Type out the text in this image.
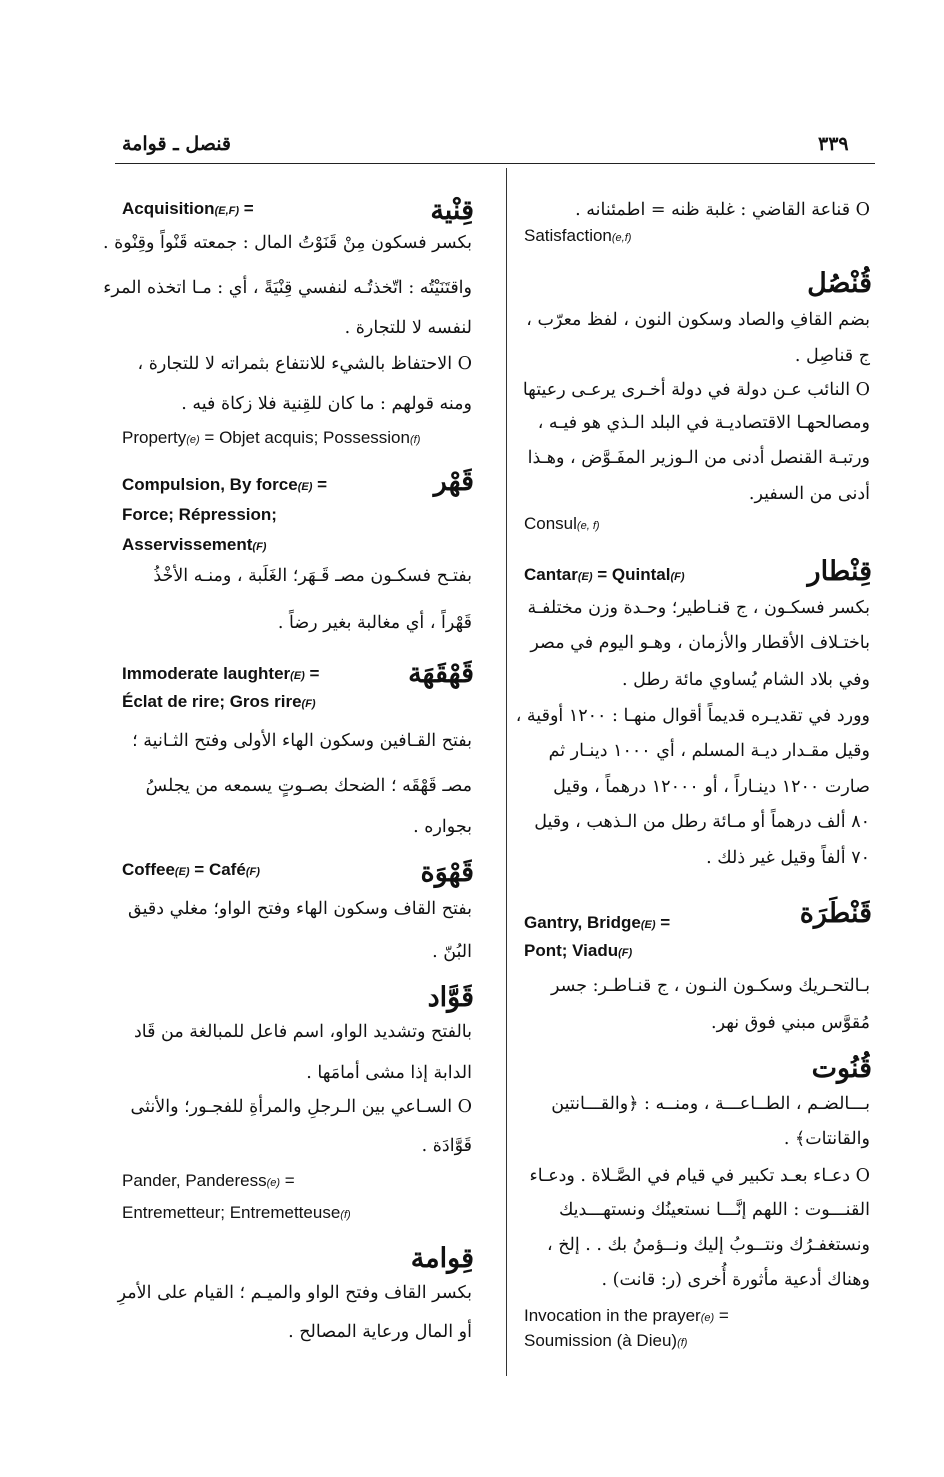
٣٣٩
قنصل ـ قوامة
O قناعة القاضي : غلبة ظنه = اطمئنانه .
Satisfaction(e,f)
قُنْصُل
بضم القافِ والصاد وسكون النون ، لفظ معرّب ،
ج قناصِل .
O النائب عـن دولة في دولة أخـرى يرعـى رعيتها
ومصالحهـا الاقتصاديـة في البلد الـذي هو فيـه ،
ورتبـة القنصل أدنى من الـوزير المفَـوَّض ، وهـذا
أدنى من السفير.
Consul(e, f)
قِنْطار
Cantar(E) = Quintal(F)
بكسر فسكـون ، ج قنـاطير؛ وحـدة وزن مختلفـة
باختـلاف الأقطار والأزمان ، وهـو اليوم في مصر
وفي بلاد الشام يُساوي مائة رطل .
وورد في تقديـره قديماً أقوال منهـا : ١٢٠٠ أوقية ،
وقيل مقـدار ديـة المسلم ، أي ١٠٠٠ دينـار ثم
صارت ١٢٠٠ دينـاراً ، أو ١٢٠٠٠ درهماً ، وقيل
٨٠ ألف درهماً أو مـائة رطل من الـذهب ، وقيل
٧٠ ألفاً وقيل غير ذلك .
قَنْطَرَة
Gantry, Bridge(E) =
Pont; Viadu(F)
بـالتحـريك وسكـون النـون ، ج قنـاطـر: جسر
مُقوَّس مبني فوق نهر.
قُنُوت
بـــالضـم ، الطــاعـــة ، ومنــه : ﴿والقـــانتين
والقانتات﴾ .
O دعـاء بعـد تكبير في قيام في الصَّـلاة . ودعـاء
القنـــوت : اللهم إنَّـــا نستعينُك ونستهـــديك
ونستغفـرُك ونتــوبُ إليك ونــؤمنُ بك . . إلخ ،
وهناك أدعية مأثورة أُخرى (ر: قانت) .
Invocation in the prayer(e) =
Soumission (à Dieu)(f)
قِنْية
Acquisition(E,F) =
بكسر فسكون مِنْ قَنَوْتُ المال : جمعته قَنْواً وقِنْوة .
واقتَنَيْتُه : اتّخذتُـه لنفسي قِنْيَةً ، أي : مـا اتخذه المرء
لنفسه لا للتجارة .
O الاحتفاظ بالشيء للانتفاع بثمراته لا للتجارة ،
ومنه قولهم : ما كان للقِنية فلا زكاة فيه .
Property(e) = Objet acquis; Possession(f)
قَهْر
Compulsion, By force(E) =
Force; Répression;
Asservissement(F)
بفتـح فسكـون مصـ قَـهَر؛ الغَلَبة ، ومنـه الأخْذُ
قَهْراً ، أي مغالبة بغير رضاً .
قَهْقَهَة
Immoderate laughter(E) =
Éclat de rire; Gros rire(F)
بفتح القـافين وسكون الهاء الأولى وفتح الثـانية ؛
مصـ قَهْقَه ؛ الضحك بصـوتٍ يسمعه من يجلسُ
بجواره .
قَهْوَة
Coffee(E) = Café(F)
بفتح القاف وسكون الهاء وفتح الواو؛ مغلي دقيق
البُنّ .
قَوَّاد
بالفتح وتشديد الواو، اسم فاعل للمبالغة من قَاد
الدابة إذا مشى أمامَها .
O السـاعي بين الـرجلِ والمرأةِ للفجـور؛ والأنثى
قَوَّادَة .
Pander, Panderess(e) =
Entremetteur; Entremetteuse(f)
قِوامة
بكسر القاف وفتح الواو والميـم ؛ القيام على الأمرِ
أو المال ورعاية المصالح .
